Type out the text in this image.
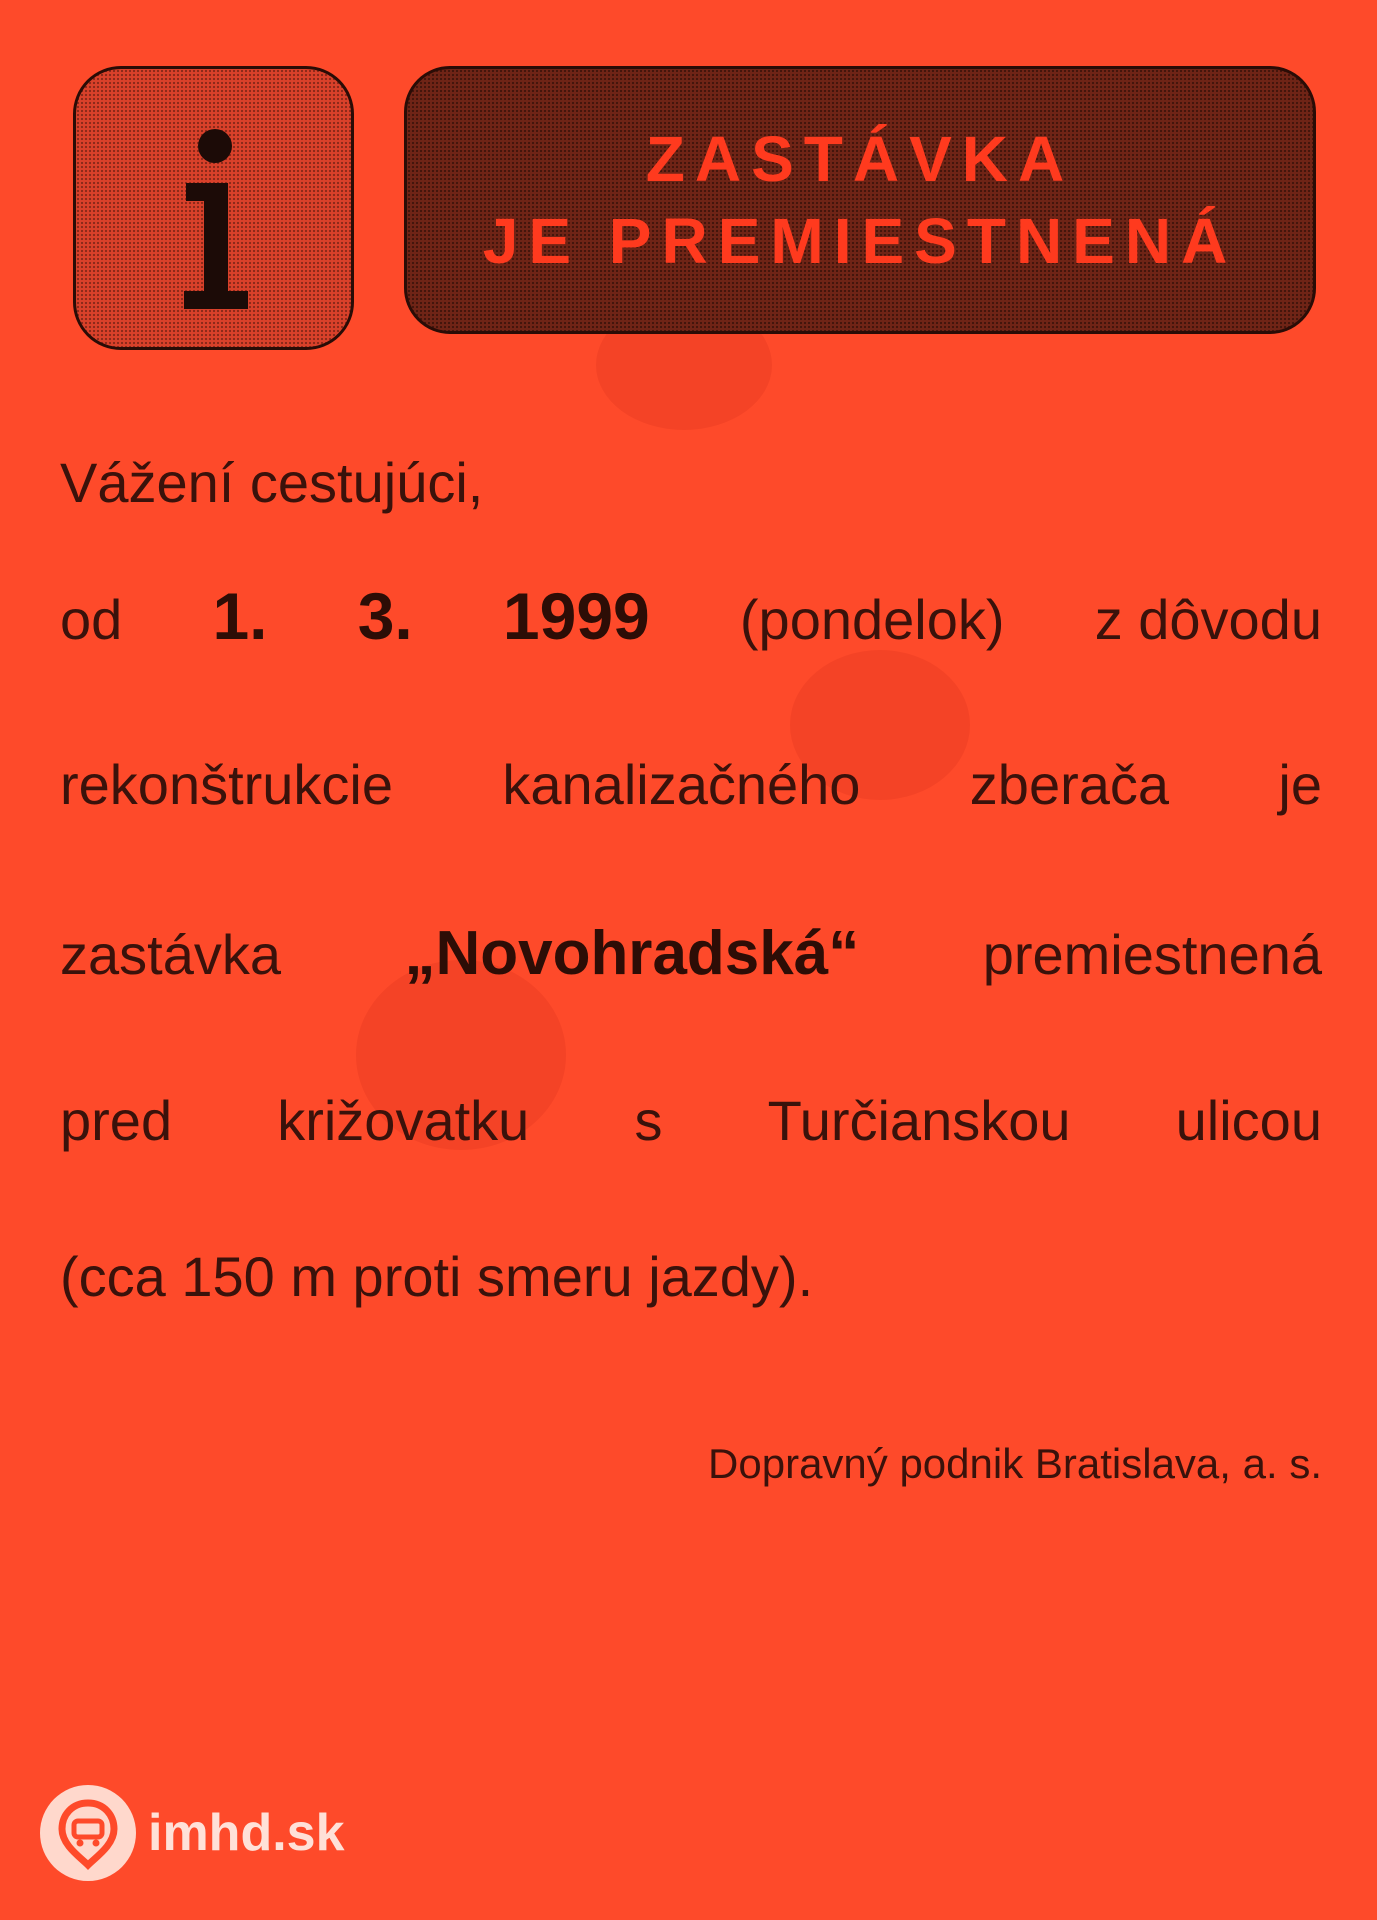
ZASTÁVKA
JE PREMIESTNENÁ
Vážení cestujúci,
od 1. 3. 1999 (pondelok) z dôvodu
rekonštrukcie kanalizačného zberača je
zastávka „Novohradská“ premiestnená
pred križovatku s Turčianskou ulicou
(cca 150 m proti smeru jazdy).
Dopravný podnik Bratislava, a. s.
imhd.sk
